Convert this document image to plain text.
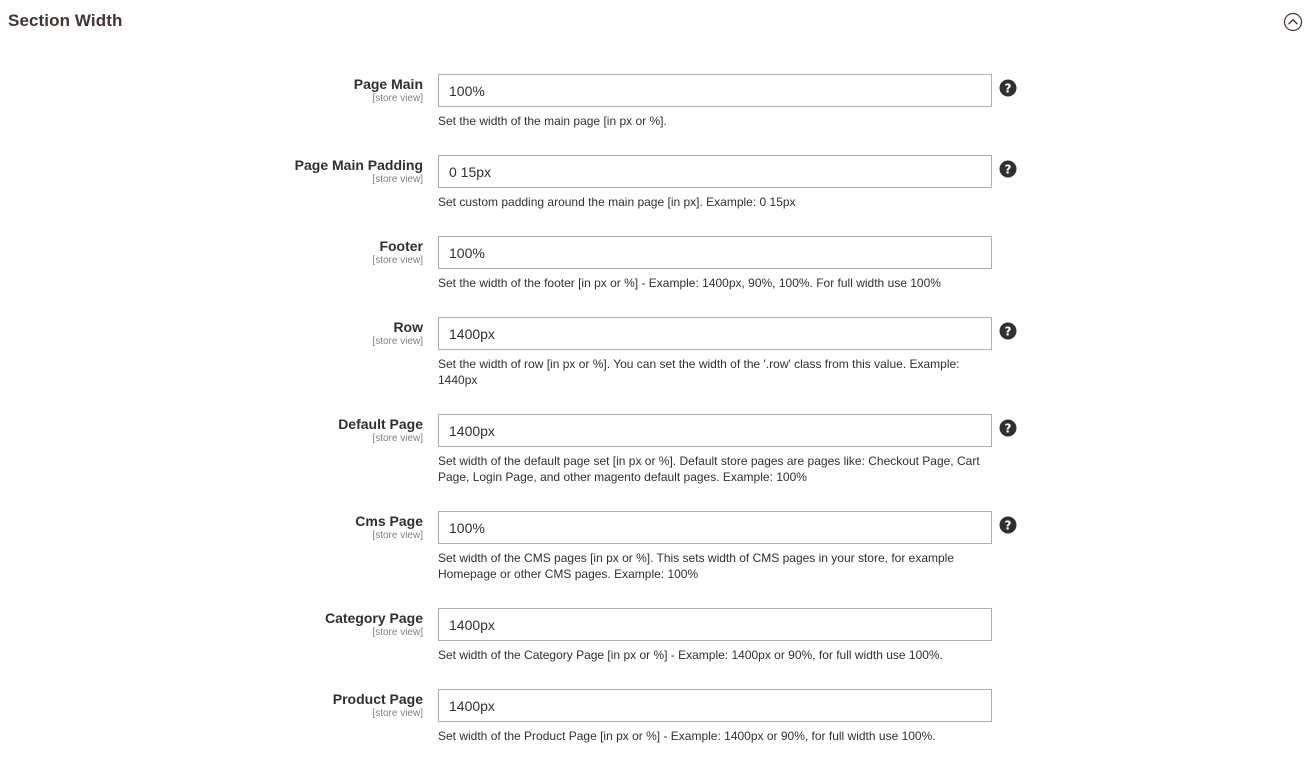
Section Width
Page Main
[store view]
100%
?
Set the width of the main page [in px or %].
Page Main Padding
[store view]
0 15px
?
Set custom padding around the main page [in px]. Example: 0 15px
Footer
[store view]
100%
Set the width of the footer [in px or %] - Example: 1400px, 90%, 100%. For full width use 100%
Row
[store view]
1400px
?
Set the width of row [in px or %]. You can set the width of the '.row' class from this value. Example: 1440px
Default Page
[store view]
1400px
?
Set width of the default page set [in px or %]. Default store pages are pages like: Checkout Page, Cart Page, Login Page, and other magento default pages. Example: 100%
Cms Page
[store view]
100%
?
Set width of the CMS pages [in px or %]. This sets width of CMS pages in your store, for example Homepage or other CMS pages. Example: 100%
Category Page
[store view]
1400px
Set width of the Category Page [in px or %] - Example: 1400px or 90%, for full width use 100%.
Product Page
[store view]
1400px
Set width of the Product Page [in px or %] - Example: 1400px or 90%, for full width use 100%.
